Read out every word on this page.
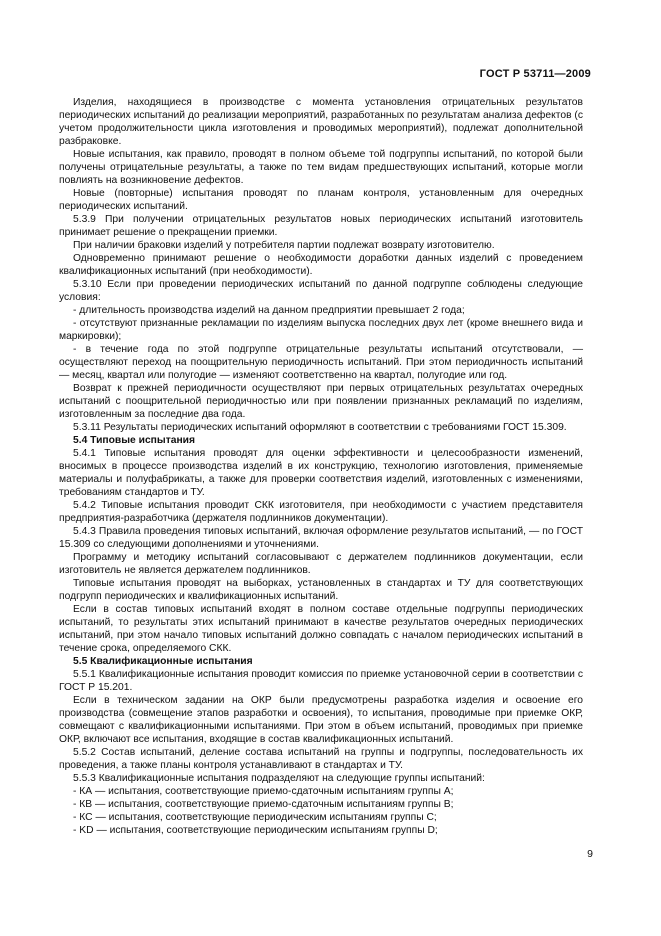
ГОСТ Р 53711—2009

Изделия, находящиеся в производстве с момента установления отрицательных результатов периодических испытаний до реализации мероприятий, разработанных по результатам анализа дефектов (с учетом продолжительности цикла изготовления и проводимых мероприятий), подлежат дополнительной разбраковке.

Новые испытания, как правило, проводят в полном объеме той подгруппы испытаний, по которой были получены отрицательные результаты, а также по тем видам предшествующих испытаний, которые могли повлиять на возникновение дефектов.

Новые (повторные) испытания проводят по планам контроля, установленным для очередных периодических испытаний.

5.3.9 При получении отрицательных результатов новых периодических испытаний изготовитель принимает решение о прекращении приемки.

При наличии браковки изделий у потребителя партии подлежат возврату изготовителю.

Одновременно принимают решение о необходимости доработки данных изделий с проведением квалификационных испытаний (при необходимости).

5.3.10 Если при проведении периодических испытаний по данной подгруппе соблюдены следующие условия:

- длительность производства изделий на данном предприятии превышает 2 года;

- отсутствуют признанные рекламации по изделиям выпуска последних двух лет (кроме внешнего вида и маркировки);

- в течение года по этой подгруппе отрицательные результаты испытаний отсутствовали, — осуществляют переход на поощрительную периодичность испытаний. При этом периодичность испытаний — месяц, квартал или полугодие — изменяют соответственно на квартал, полугодие или год.

Возврат к прежней периодичности осуществляют при первых отрицательных результатах очередных испытаний с поощрительной периодичностью или при появлении признанных рекламаций по изделиям, изготовленным за последние два года.

5.3.11 Результаты периодических испытаний оформляют в соответствии с требованиями ГОСТ 15.309.

5.4 Типовые испытания

5.4.1 Типовые испытания проводят для оценки эффективности и целесообразности изменений, вносимых в процессе производства изделий в их конструкцию, технологию изготовления, применяемые материалы и полуфабрикаты, а также для проверки соответствия изделий, изготовленных с изменениями, требованиям стандартов и ТУ.

5.4.2 Типовые испытания проводит СКК изготовителя, при необходимости с участием представителя предприятия-разработчика (держателя подлинников документации).

5.4.3 Правила проведения типовых испытаний, включая оформление результатов испытаний, — по ГОСТ 15.309 со следующими дополнениями и уточнениями.

Программу и методику испытаний согласовывают с держателем подлинников документации, если изготовитель не является держателем подлинников.

Типовые испытания проводят на выборках, установленных в стандартах и ТУ для соответствующих подгрупп периодических и квалификационных испытаний.

Если в состав типовых испытаний входят в полном составе отдельные подгруппы периодических испытаний, то результаты этих испытаний принимают в качестве результатов очередных периодических испытаний, при этом начало типовых испытаний должно совпадать с началом периодических испытаний в течение срока, определяемого СКК.

5.5 Квалификационные испытания

5.5.1 Квалификационные испытания проводит комиссия по приемке установочной серии в соответствии с ГОСТ Р 15.201.

Если в техническом задании на ОКР были предусмотрены разработка изделия и освоение его производства (совмещение этапов разработки и освоения), то испытания, проводимые при приемке ОКР, совмещают с квалификационными испытаниями. При этом в объем испытаний, проводимых при приемке ОКР, включают все испытания, входящие в состав квалификационных испытаний.

5.5.2 Состав испытаний, деление состава испытаний на группы и подгруппы, последовательность их проведения, а также планы контроля устанавливают в стандартах и ТУ.

5.5.3 Квалификационные испытания подразделяют на следующие группы испытаний:

- КА — испытания, соответствующие приемо-сдаточным испытаниям группы А;

- КВ — испытания, соответствующие приемо-сдаточным испытаниям группы В;

- КС — испытания, соответствующие периодическим испытаниям группы С;

- KD — испытания, соответствующие периодическим испытаниям группы D;

9
